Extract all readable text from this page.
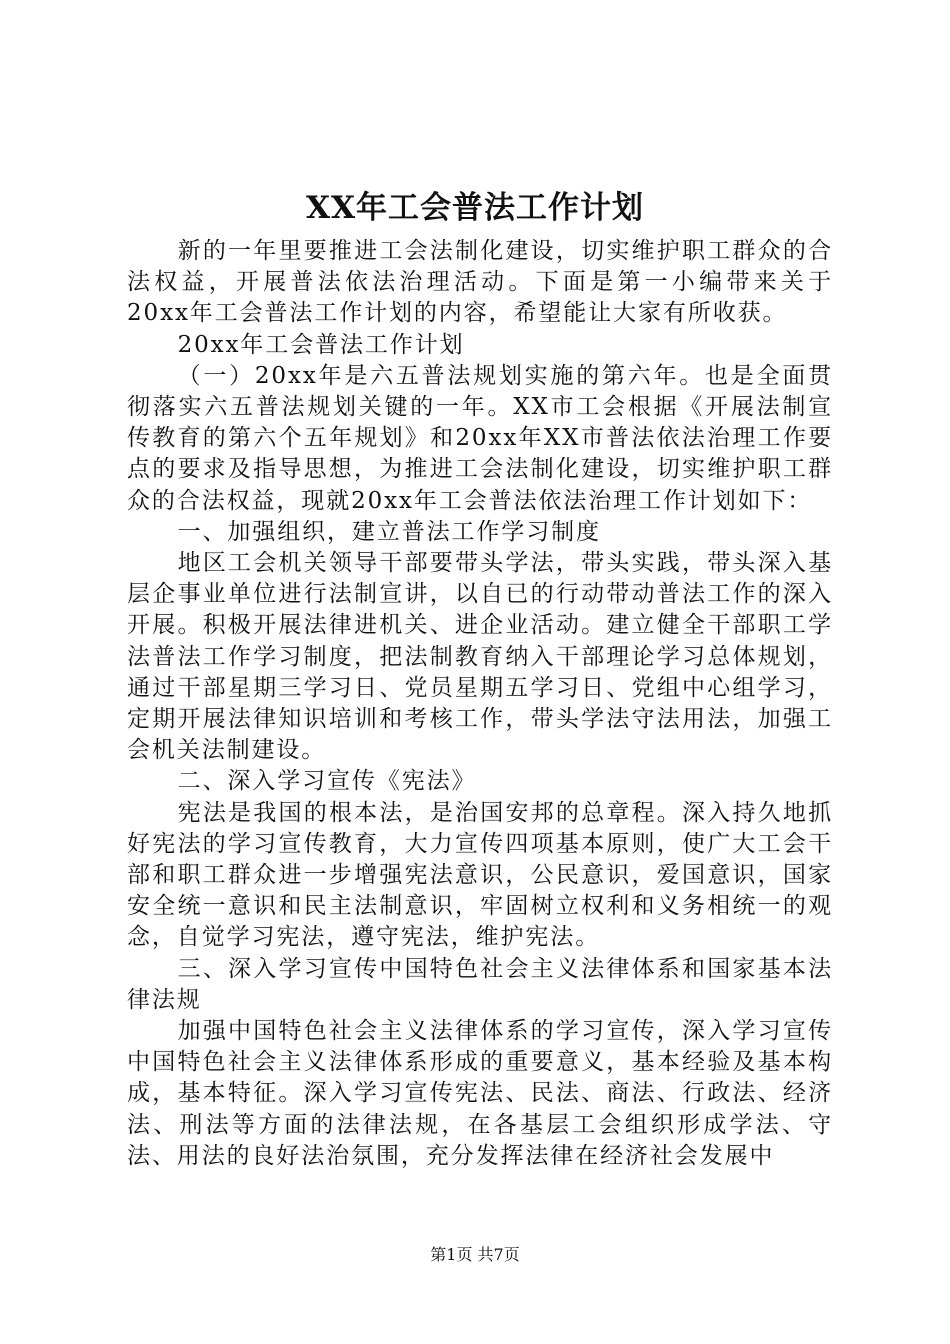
XX年工会普法工作计划

新的一年里要推进工会法制化建设，切实维护职工群众的合法权益，开展普法依法治理活动。下面是第一小编带来关于20xx年工会普法工作计划的内容，希望能让大家有所收获。

20xx年工会普法工作计划

（一）20xx年是六五普法规划实施的第六年。也是全面贯彻落实六五普法规划关键的一年。XX市工会根据《开展法制宣传教育的第六个五年规划》和20xx年XX市普法依法治理工作要点的要求及指导思想，为推进工会法制化建设，切实维护职工群众的合法权益，现就20xx年工会普法依法治理工作计划如下：

一、加强组织，建立普法工作学习制度

地区工会机关领导干部要带头学法，带头实践，带头深入基层企事业单位进行法制宣讲，以自已的行动带动普法工作的深入开展。积极开展法律进机关、进企业活动。建立健全干部职工学法普法工作学习制度，把法制教育纳入干部理论学习总体规划，通过干部星期三学习日、党员星期五学习日、党组中心组学习，定期开展法律知识培训和考核工作，带头学法守法用法，加强工会机关法制建设。

二、深入学习宣传《宪法》

宪法是我国的根本法，是治国安邦的总章程。深入持久地抓好宪法的学习宣传教育，大力宣传四项基本原则，使广大工会干部和职工群众进一步增强宪法意识，公民意识，爱国意识，国家安全统一意识和民主法制意识，牢固树立权利和义务相统一的观念，自觉学习宪法，遵守宪法，维护宪法。

三、深入学习宣传中国特色社会主义法律体系和国家基本法律法规

加强中国特色社会主义法律体系的学习宣传，深入学习宣传中国特色社会主义法律体系形成的重要意义，基本经验及基本构成，基本特征。深入学习宣传宪法、民法、商法、行政法、经济法、刑法等方面的法律法规，在各基层工会组织形成学法、守法、用法的良好法治氛围，充分发挥法律在经济社会发展中

第1页 共7页
